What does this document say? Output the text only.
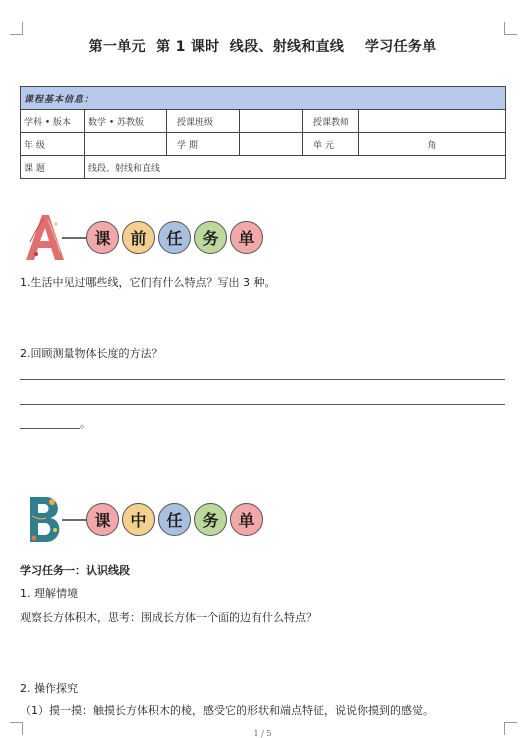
第一单元  第 1 课时  线段、射线和直线    学习任务单
课程基本信息：					
学科 • 版本	数学 • 苏教版	授课班级		授课教师	
年 级		学 期		单 元	角
课 题	线段、射线和直线				
课	前	任	务	单
1.生活中见过哪些线，它们有什么特点？写出 3 种。
2.回顾测量物体长度的方法？
。
课	中	任	务	单
学习任务一：认识线段
1. 理解情境
观察长方体积木，思考：围成长方体一个面的边有什么特点？
2. 操作探究
（1）摸一摸：触摸长方体积木的棱，感受它的形状和端点特征，说说你摸到的感觉。
1 / 5
